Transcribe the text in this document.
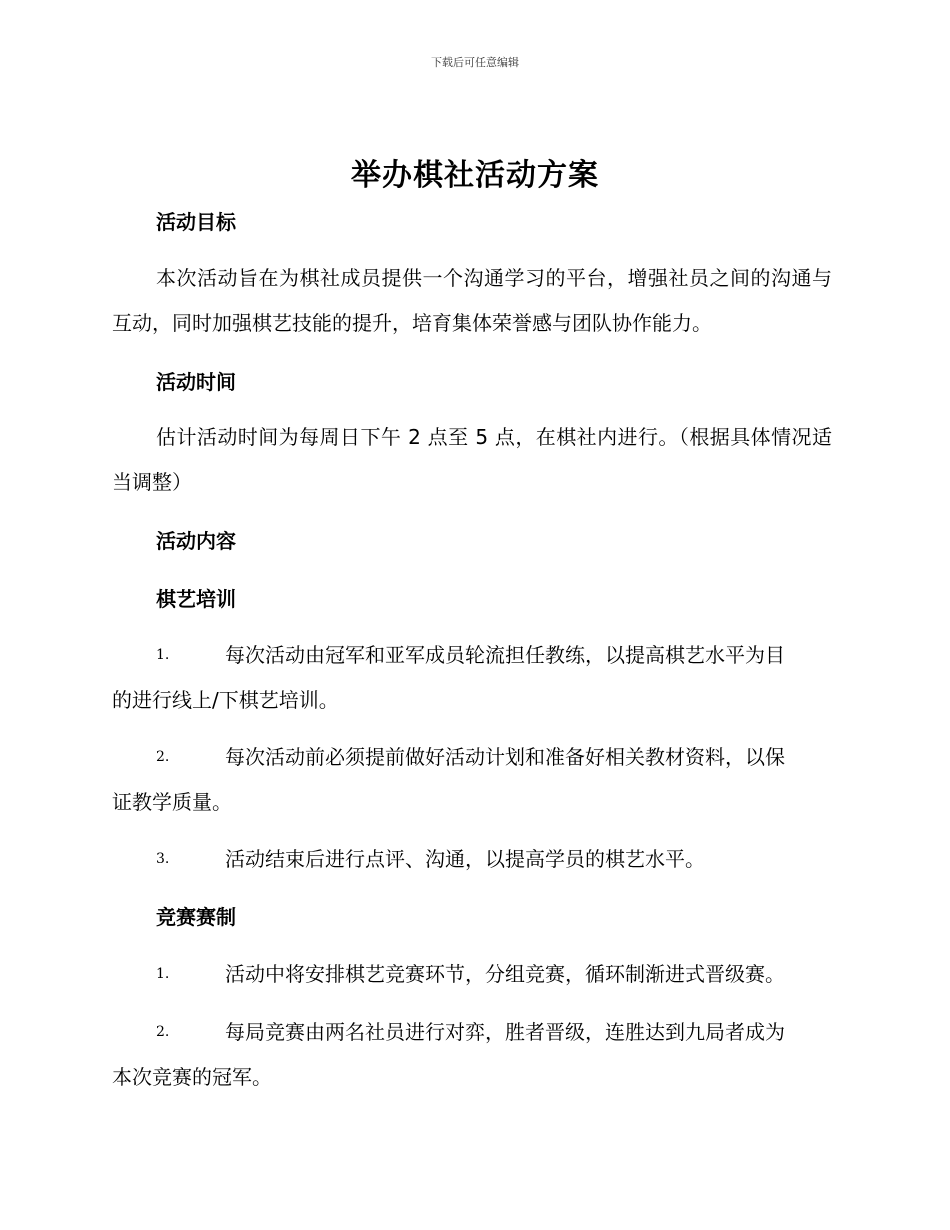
下载后可任意编辑
举办棋社活动方案
活动目标
本次活动旨在为棋社成员提供一个沟通学习的平台，增强社员之间的沟通与互动，同时加强棋艺技能的提升，培育集体荣誉感与团队协作能力。
活动时间
估计活动时间为每周日下午 2 点至 5 点，在棋社内进行。（根据具体情况适当调整）
活动内容
棋艺培训
1.	每次活动由冠军和亚军成员轮流担任教练，以提高棋艺水平为目
的进行线上/下棋艺培训。
2.	每次活动前必须提前做好活动计划和准备好相关教材资料，以保
证教学质量。
3.	活动结束后进行点评、沟通，以提高学员的棋艺水平。
竞赛赛制
1.	活动中将安排棋艺竞赛环节，分组竞赛，循环制渐进式晋级赛。
2.	每局竞赛由两名社员进行对弈，胜者晋级，连胜达到九局者成为
本次竞赛的冠军。
